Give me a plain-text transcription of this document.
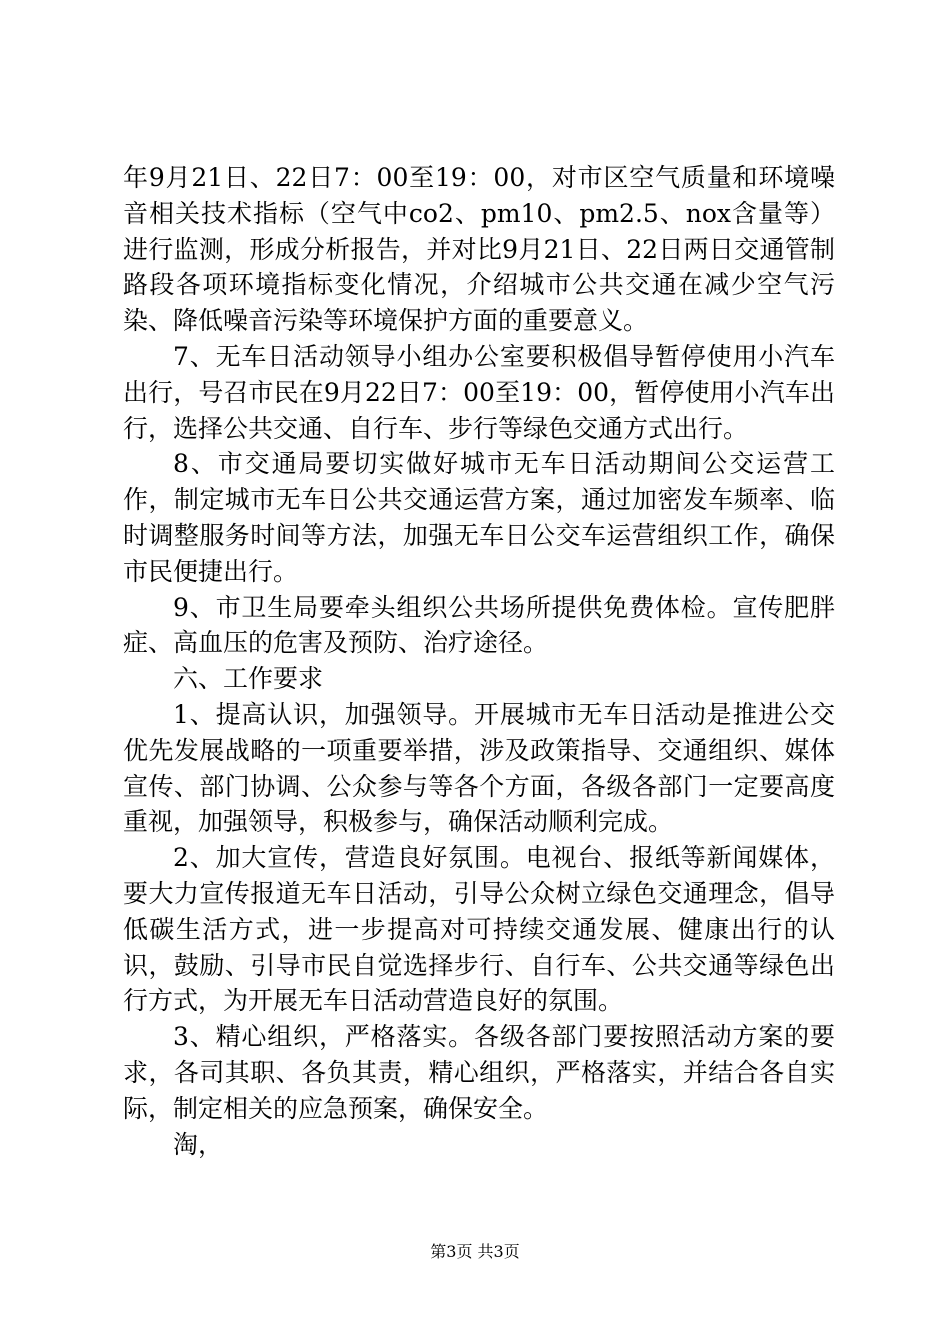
年9月21日、22日7：00至19：00，对市区空气质量和环境噪音相关技术指标（空气中co2、pm10、pm2.5、nox含量等）进行监测，形成分析报告，并对比9月21日、22日两日交通管制路段各项环境指标变化情况，介绍城市公共交通在减少空气污染、降低噪音污染等环境保护方面的重要意义。

7、无车日活动领导小组办公室要积极倡导暂停使用小汽车出行，号召市民在9月22日7：00至19：00，暂停使用小汽车出行，选择公共交通、自行车、步行等绿色交通方式出行。

8、市交通局要切实做好城市无车日活动期间公交运营工作，制定城市无车日公共交通运营方案，通过加密发车频率、临时调整服务时间等方法，加强无车日公交车运营组织工作，确保市民便捷出行。

9、市卫生局要牵头组织公共场所提供免费体检。宣传肥胖症、高血压的危害及预防、治疗途径。

六、工作要求

1、提高认识，加强领导。开展城市无车日活动是推进公交优先发展战略的一项重要举措，涉及政策指导、交通组织、媒体宣传、部门协调、公众参与等各个方面，各级各部门一定要高度重视，加强领导，积极参与，确保活动顺利完成。

2、加大宣传，营造良好氛围。电视台、报纸等新闻媒体，要大力宣传报道无车日活动，引导公众树立绿色交通理念，倡导低碳生活方式，进一步提高对可持续交通发展、健康出行的认识，鼓励、引导市民自觉选择步行、自行车、公共交通等绿色出行方式，为开展无车日活动营造良好的氛围。

3、精心组织，严格落实。各级各部门要按照活动方案的要求，各司其职、各负其责，精心组织，严格落实，并结合各自实际，制定相关的应急预案，确保安全。

淘，

第3页 共3页
